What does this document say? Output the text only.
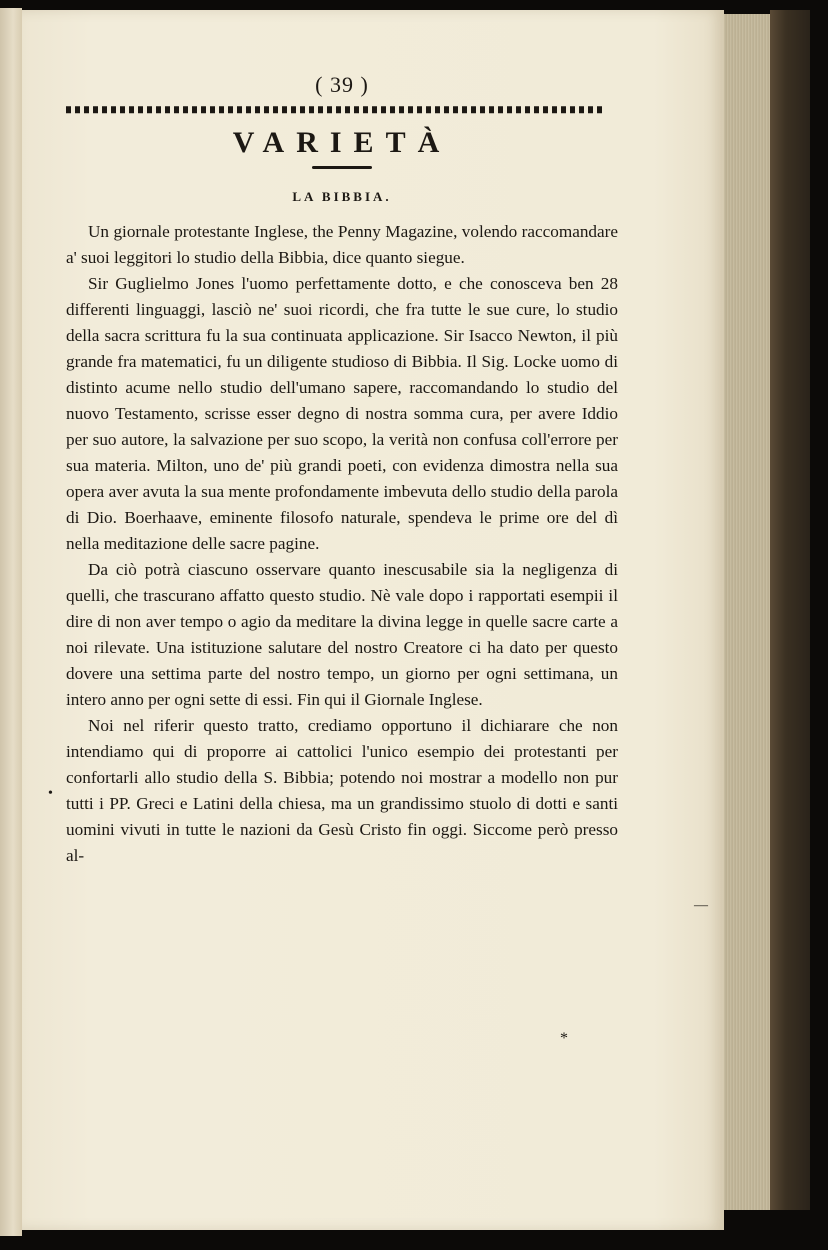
•
—
( 39 )
VARIETÀ
LA BIBBIA.

Un giornale protestante Inglese, the Penny Magazine, volendo raccomandare a' suoi leggitori lo studio della Bibbia, dice quanto siegue.

Sir Guglielmo Jones l'uomo perfettamente dotto, e che conosceva ben 28 differenti linguaggi, lasciò ne' suoi ricordi, che fra tutte le sue cure, lo studio della sacra scrittura fu la sua continuata applicazione. Sir Isacco Newton, il più grande fra matematici, fu un diligente studioso di Bibbia. Il Sig. Locke uomo di distinto acume nello studio dell'umano sapere, raccomandando lo studio del nuovo Testamento, scrisse esser degno di nostra somma cura, per avere Iddio per suo autore, la salvazione per suo scopo, la verità non confusa coll'errore per sua materia. Milton, uno de' più grandi poeti, con evidenza dimostra nella sua opera aver avuta la sua mente profondamente imbevuta dello studio della parola di Dio. Boerhaave, eminente filosofo naturale, spendeva le prime ore del dì nella meditazione delle sacre pagine.

Da ciò potrà ciascuno osservare quanto inescusabile sia la negligenza di quelli, che trascurano affatto questo studio. Nè vale dopo i rapportati esempii il dire di non aver tempo o agio da meditare la divina legge in quelle sacre carte a noi rilevate. Una istituzione salutare del nostro Creatore ci ha dato per questo dovere una settima parte del nostro tempo, un giorno per ogni settimana, un intero anno per ogni sette di essi. Fin qui il Giornale Inglese.

Noi nel riferir questo tratto, crediamo opportuno il dichiarare che non intendiamo qui di proporre ai cattolici l'unico esempio dei protestanti per confortarli allo studio della S. Bibbia; potendo noi mostrar a modello non pur tutti i PP. Greci e Latini della chiesa, ma un grandissimo stuolo di dotti e santi uomini vivuti in tutte le nazioni da Gesù Cristo fin oggi. Siccome però presso al-

*
